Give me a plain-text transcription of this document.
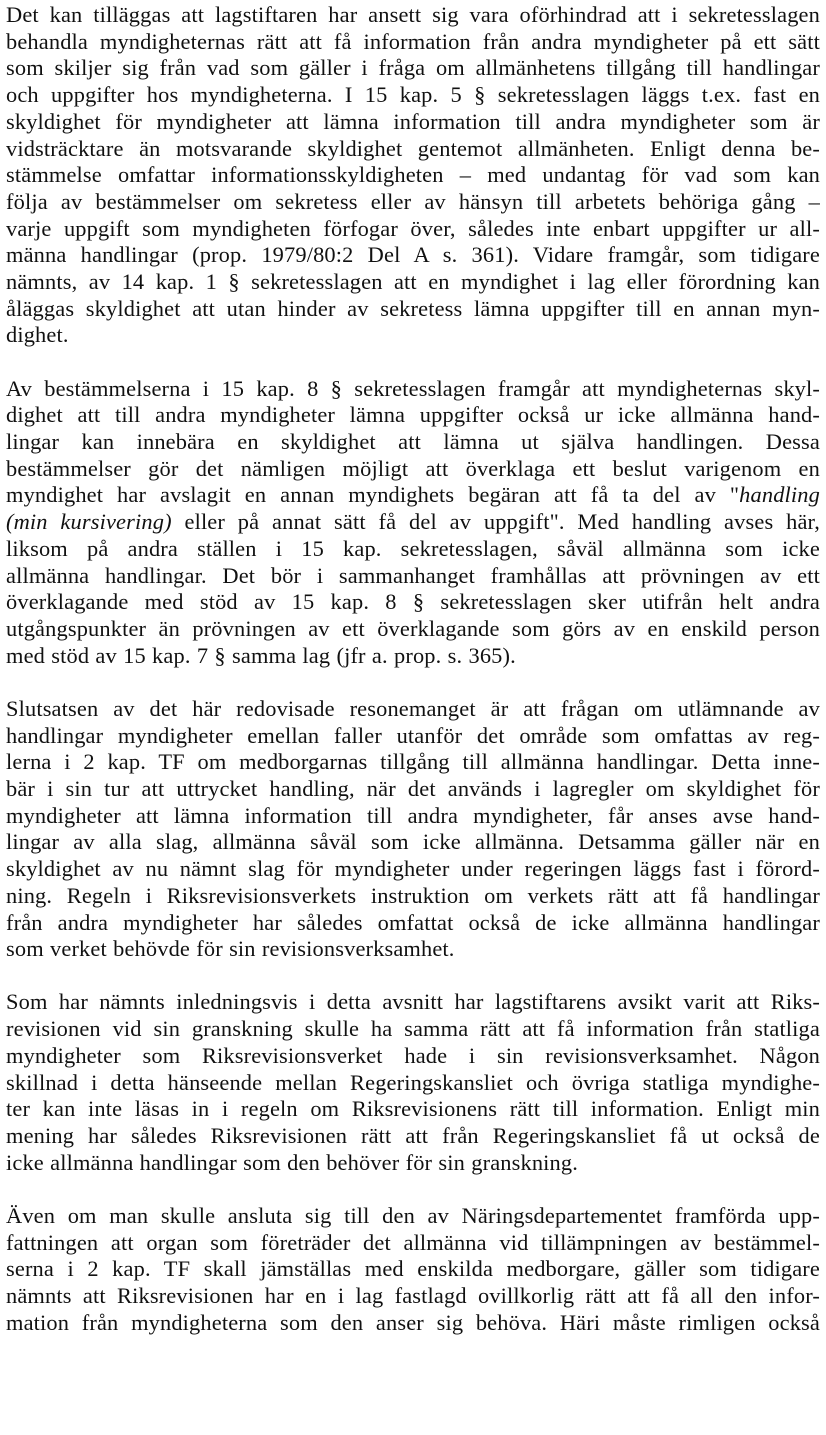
Det kan tilläggas att lagstiftaren har ansett sig vara oförhindrad att i sekretesslagen
behandla myndigheternas rätt att få information från andra myndigheter på ett sätt
som skiljer sig från vad som gäller i fråga om allmänhetens tillgång till handlingar
och uppgifter hos myndigheterna. I 15 kap. 5 § sekretesslagen läggs t.ex. fast en
skyldighet för myndigheter att lämna information till andra myndigheter som är
vidsträcktare än motsvarande skyldighet gentemot allmänheten. Enligt denna be-
stämmelse omfattar informationsskyldigheten – med undantag för vad som kan
följa av bestämmelser om sekretess eller av hänsyn till arbetets behöriga gång –
varje uppgift som myndigheten förfogar över, således inte enbart uppgifter ur all-
männa handlingar (prop. 1979/80:2 Del A s. 361). Vidare framgår, som tidigare
nämnts, av 14 kap. 1 § sekretesslagen att en myndighet i lag eller förordning kan
åläggas skyldighet att utan hinder av sekretess lämna uppgifter till en annan myn-
dighet.
Av bestämmelserna i 15 kap. 8 § sekretesslagen framgår att myndigheternas skyl-
dighet att till andra myndigheter lämna uppgifter också ur icke allmänna hand-
lingar kan innebära en skyldighet att lämna ut själva handlingen. Dessa
bestämmelser gör det nämligen möjligt att överklaga ett beslut varigenom en
myndighet har avslagit en annan myndighets begäran att få ta del av "handling
(min kursivering) eller på annat sätt få del av uppgift". Med handling avses här,
liksom på andra ställen i 15 kap. sekretesslagen, såväl allmänna som icke
allmänna handlingar. Det bör i sammanhanget framhållas att prövningen av ett
överklagande med stöd av 15 kap. 8 § sekretesslagen sker utifrån helt andra
utgångspunkter än prövningen av ett överklagande som görs av en enskild person
med stöd av 15 kap. 7 § samma lag (jfr a. prop. s. 365).
Slutsatsen av det här redovisade resonemanget är att frågan om utlämnande av
handlingar myndigheter emellan faller utanför det område som omfattas av reg-
lerna i 2 kap. TF om medborgarnas tillgång till allmänna handlingar. Detta inne-
bär i sin tur att uttrycket handling, när det används i lagregler om skyldighet för
myndigheter att lämna information till andra myndigheter, får anses avse hand-
lingar av alla slag, allmänna såväl som icke allmänna. Detsamma gäller när en
skyldighet av nu nämnt slag för myndigheter under regeringen läggs fast i förord-
ning. Regeln i Riksrevisionsverkets instruktion om verkets rätt att få handlingar
från andra myndigheter har således omfattat också de icke allmänna handlingar
som verket behövde för sin revisionsverksamhet.
Som har nämnts inledningsvis i detta avsnitt har lagstiftarens avsikt varit att Riks-
revisionen vid sin granskning skulle ha samma rätt att få information från statliga
myndigheter som Riksrevisionsverket hade i sin revisionsverksamhet. Någon
skillnad i detta hänseende mellan Regeringskansliet och övriga statliga myndighe-
ter kan inte läsas in i regeln om Riksrevisionens rätt till information. Enligt min
mening har således Riksrevisionen rätt att från Regeringskansliet få ut också de
icke allmänna handlingar som den behöver för sin granskning.
Även om man skulle ansluta sig till den av Näringsdepartementet framförda upp-
fattningen att organ som företräder det allmänna vid tillämpningen av bestämmel-
serna i 2 kap. TF skall jämställas med enskilda medborgare, gäller som tidigare
nämnts att Riksrevisionen har en i lag fastlagd ovillkorlig rätt att få all den infor-
mation från myndigheterna som den anser sig behöva. Häri måste rimligen också
